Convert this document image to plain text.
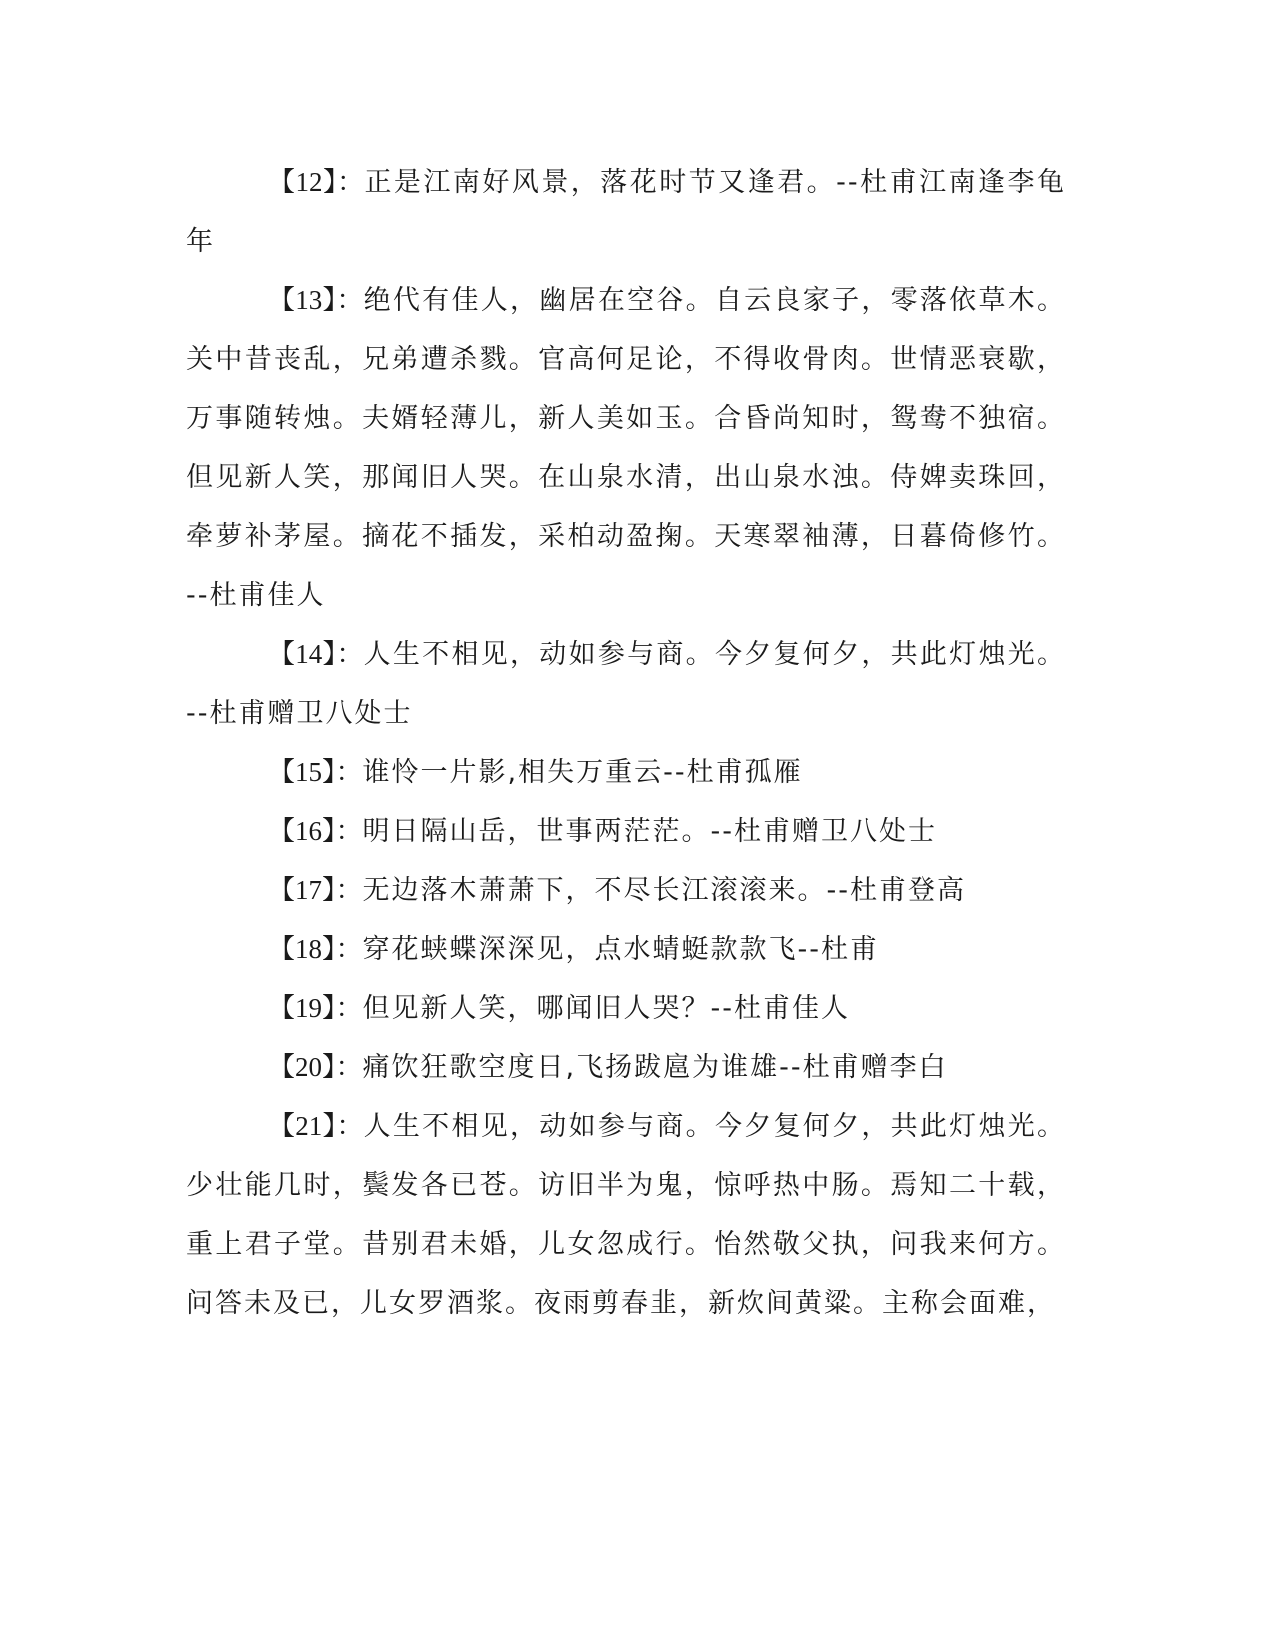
【12】：正是江南好风景，落花时节又逢君。--杜甫江南逢李龟年

【13】：绝代有佳人，幽居在空谷。自云良家子，零落依草木。关中昔丧乱，兄弟遭杀戮。官高何足论，不得收骨肉。世情恶衰歇，万事随转烛。夫婿轻薄儿，新人美如玉。合昏尚知时，鸳鸯不独宿。但见新人笑，那闻旧人哭。在山泉水清，出山泉水浊。侍婢卖珠回，牵萝补茅屋。摘花不插发，采柏动盈掬。天寒翠袖薄，日暮倚修竹。--杜甫佳人

【14】：人生不相见，动如参与商。今夕复何夕，共此灯烛光。--杜甫赠卫八处士

【15】：谁怜一片影,相失万重云--杜甫孤雁

【16】：明日隔山岳，世事两茫茫。--杜甫赠卫八处士

【17】：无边落木萧萧下，不尽长江滚滚来。--杜甫登高

【18】：穿花蛱蝶深深见，点水蜻蜓款款飞--杜甫

【19】：但见新人笑，哪闻旧人哭？--杜甫佳人

【20】：痛饮狂歌空度日,飞扬跋扈为谁雄--杜甫赠李白

【21】：人生不相见，动如参与商。今夕复何夕，共此灯烛光。少壮能几时，鬓发各已苍。访旧半为鬼，惊呼热中肠。焉知二十载，重上君子堂。昔别君未婚，儿女忽成行。怡然敬父执，问我来何方。问答未及已，儿女罗酒浆。夜雨剪春韭，新炊间黄粱。主称会面难，
